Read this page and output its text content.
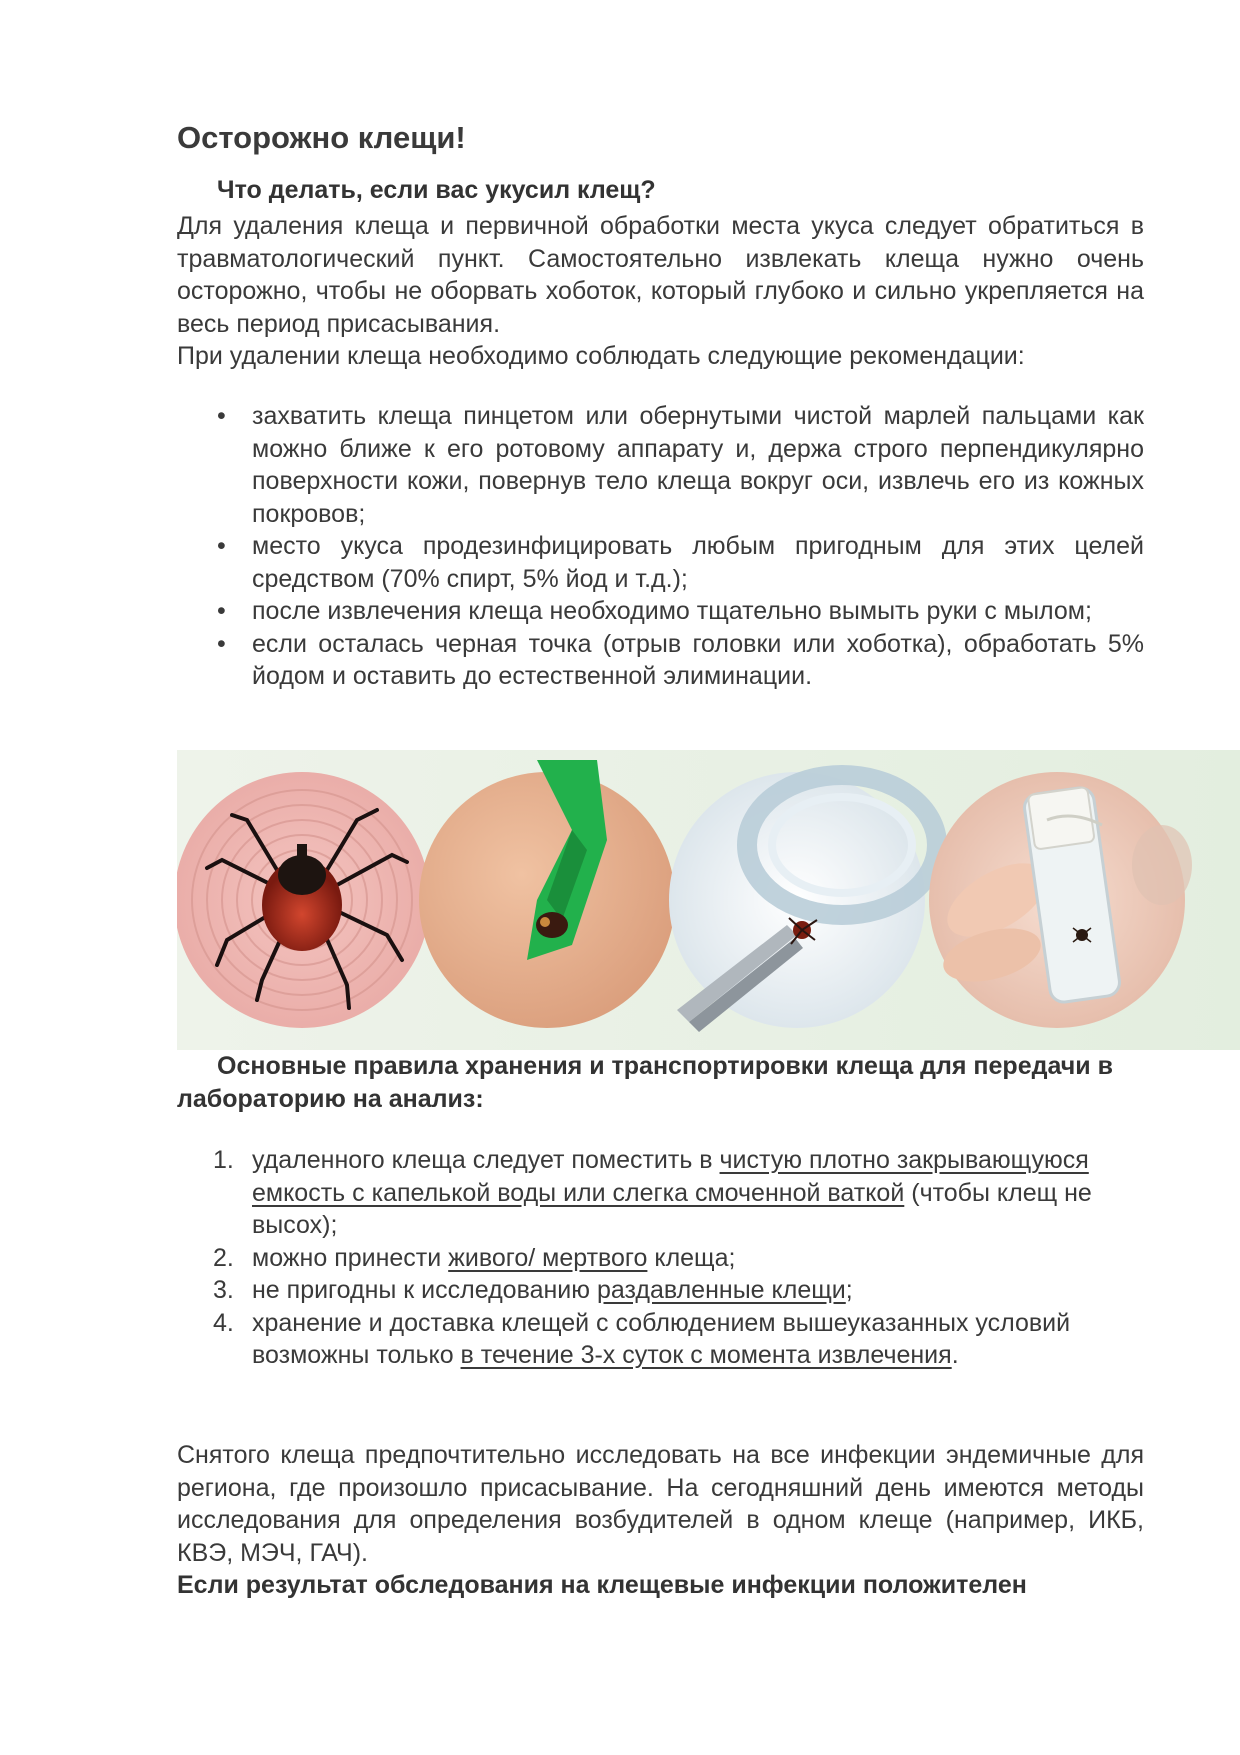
Осторожно клещи!

Что делать, если вас укусил клещ?

Для удаления клеща и первичной обработки места укуса следует обратиться в травматологический пункт. Самостоятельно извлекать клеща нужно очень осторожно, чтобы не оборвать хоботок, который глубоко и сильно укрепляется на весь период присасывания.

При удалении клеща необходимо соблюдать следующие рекомендации:

•	захватить клеща пинцетом или обернутыми чистой марлей пальцами как можно ближе к его ротовому аппарату и, держа строго перпендикулярно поверхности кожи, повернув тело клеща вокруг оси, извлечь его из кожных покровов;
•	место укуса продезинфицировать любым пригодным для этих целей средством (70% спирт, 5% йод и т.д.);
•	после извлечения клеща необходимо тщательно вымыть руки с мылом;
•	если осталась черная точка (отрыв головки или хоботка), обработать 5% йодом и оставить до естественной элиминации.

Основные правила хранения и транспортировки клеща для передачи в лабораторию на анализ:

1. удаленного клеща следует поместить в чистую плотно закрывающуюся емкость с капелькой воды или слегка смоченной ваткой (чтобы клещ не высох);
2. можно принести живого/ мертвого клеща;
3. не пригодны к исследованию раздавленные клещи;
4. хранение и доставка клещей с соблюдением вышеуказанных условий возможны только в течение 3-х суток с момента извлечения.

Снятого клеща предпочтительно исследовать на все инфекции эндемичные для региона, где произошло присасывание. На сегодняшний день имеются методы исследования для определения возбудителей в одном клеще (например, ИКБ, КВЭ, МЭЧ, ГАЧ).

Если результат обследования на клещевые инфекции положителен
